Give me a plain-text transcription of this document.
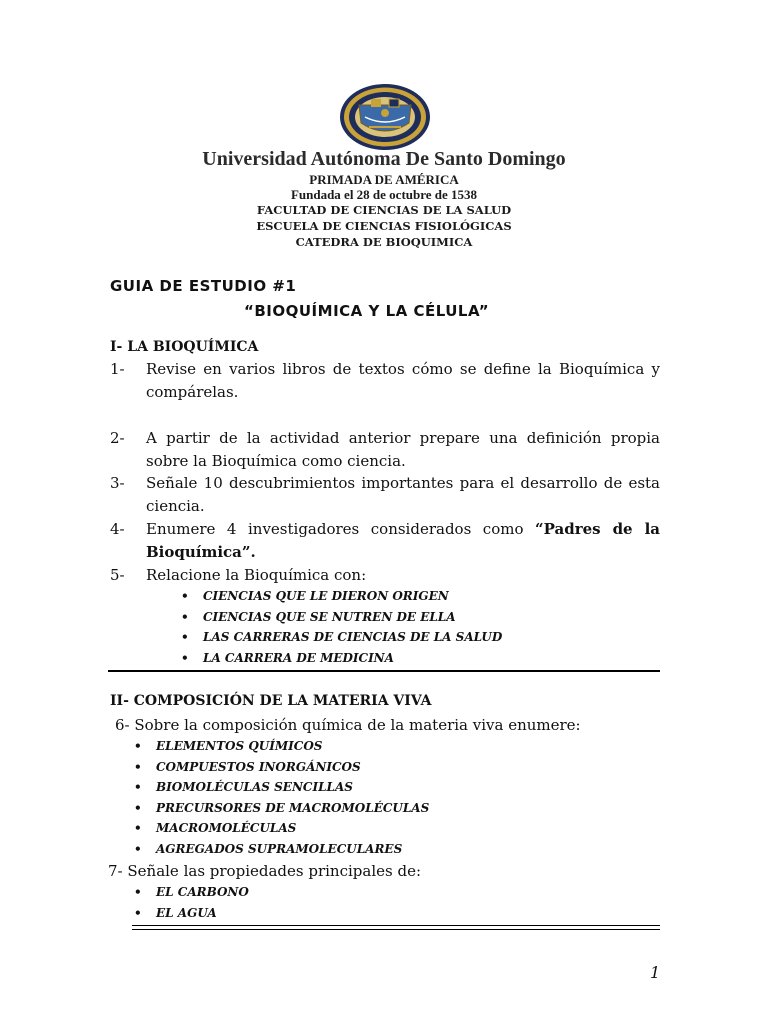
Universidad Autónoma De Santo Domingo
PRIMADA DE AMÉRICA
Fundada el 28 de octubre de 1538
FACULTAD DE CIENCIAS DE LA SALUD
ESCUELA DE CIENCIAS FISIOLÓGICAS
CATEDRA DE BIOQUIMICA
GUIA DE ESTUDIO #1
“BIOQUÍMICA Y LA CÉLULA”
I- LA BIOQUÍMICA
1- Revise en varios libros de textos cómo se define la Bioquímica y compárelas.
2- A partir de la actividad anterior prepare una definición propia sobre la Bioquímica como ciencia.
3- Señale 10 descubrimientos importantes para el desarrollo de esta ciencia.
4- Enumere 4 investigadores considerados como “Padres de la Bioquímica”.
5- Relacione la Bioquímica con:
• CIENCIAS QUE LE DIERON ORIGEN
• CIENCIAS QUE SE NUTREN DE ELLA
• LAS CARRERAS DE CIENCIAS DE LA SALUD
• LA CARRERA DE MEDICINA
II- COMPOSICIÓN DE LA MATERIA VIVA
6- Sobre la composición química de la materia viva enumere:
• ELEMENTOS QUÍMICOS
• COMPUESTOS INORGÁNICOS
• BIOMOLÉCULAS SENCILLAS
• PRECURSORES DE MACROMOLÉCULAS
• MACROMOLÉCULAS
• AGREGADOS SUPRAMOLECULARES
7- Señale las propiedades principales de:
• EL CARBONO
• EL AGUA
1
